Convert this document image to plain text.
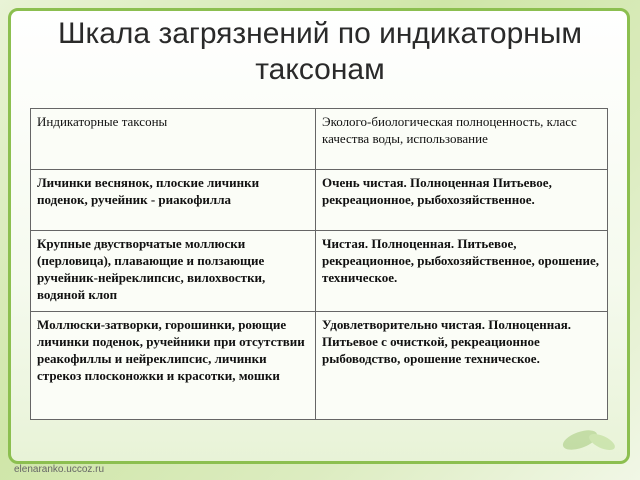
Шкала загрязнений по индикаторным таксонам
Индикаторные таксоны	Эколого-биологическая полноценность, класс качества воды, использование
Личинки веснянок, плоские личинки поденок, ручейник - риакофилла	Очень чистая. Полноценная Питьевое, рекреационное, рыбохозяйственное.
Крупные двустворчатые моллюски (перловица), плавающие и ползающие ручейник-нейреклипсис, вилохвостки, водяной клоп	Чистая. Полноценная. Питьевое, рекреационное, рыбохозяйственное, орошение, техническое.
Моллюски-затворки, горошинки, роющие личинки поденок, ручейники при отсутствии реакофиллы и нейреклипсис, личинки стрекоз плосконожки и красотки, мошки	Удовлетворительно чистая. Полноценная. Питьевое с очисткой, рекреационное рыбоводство, орошение техническое.
elenaranko.uccoz.ru
